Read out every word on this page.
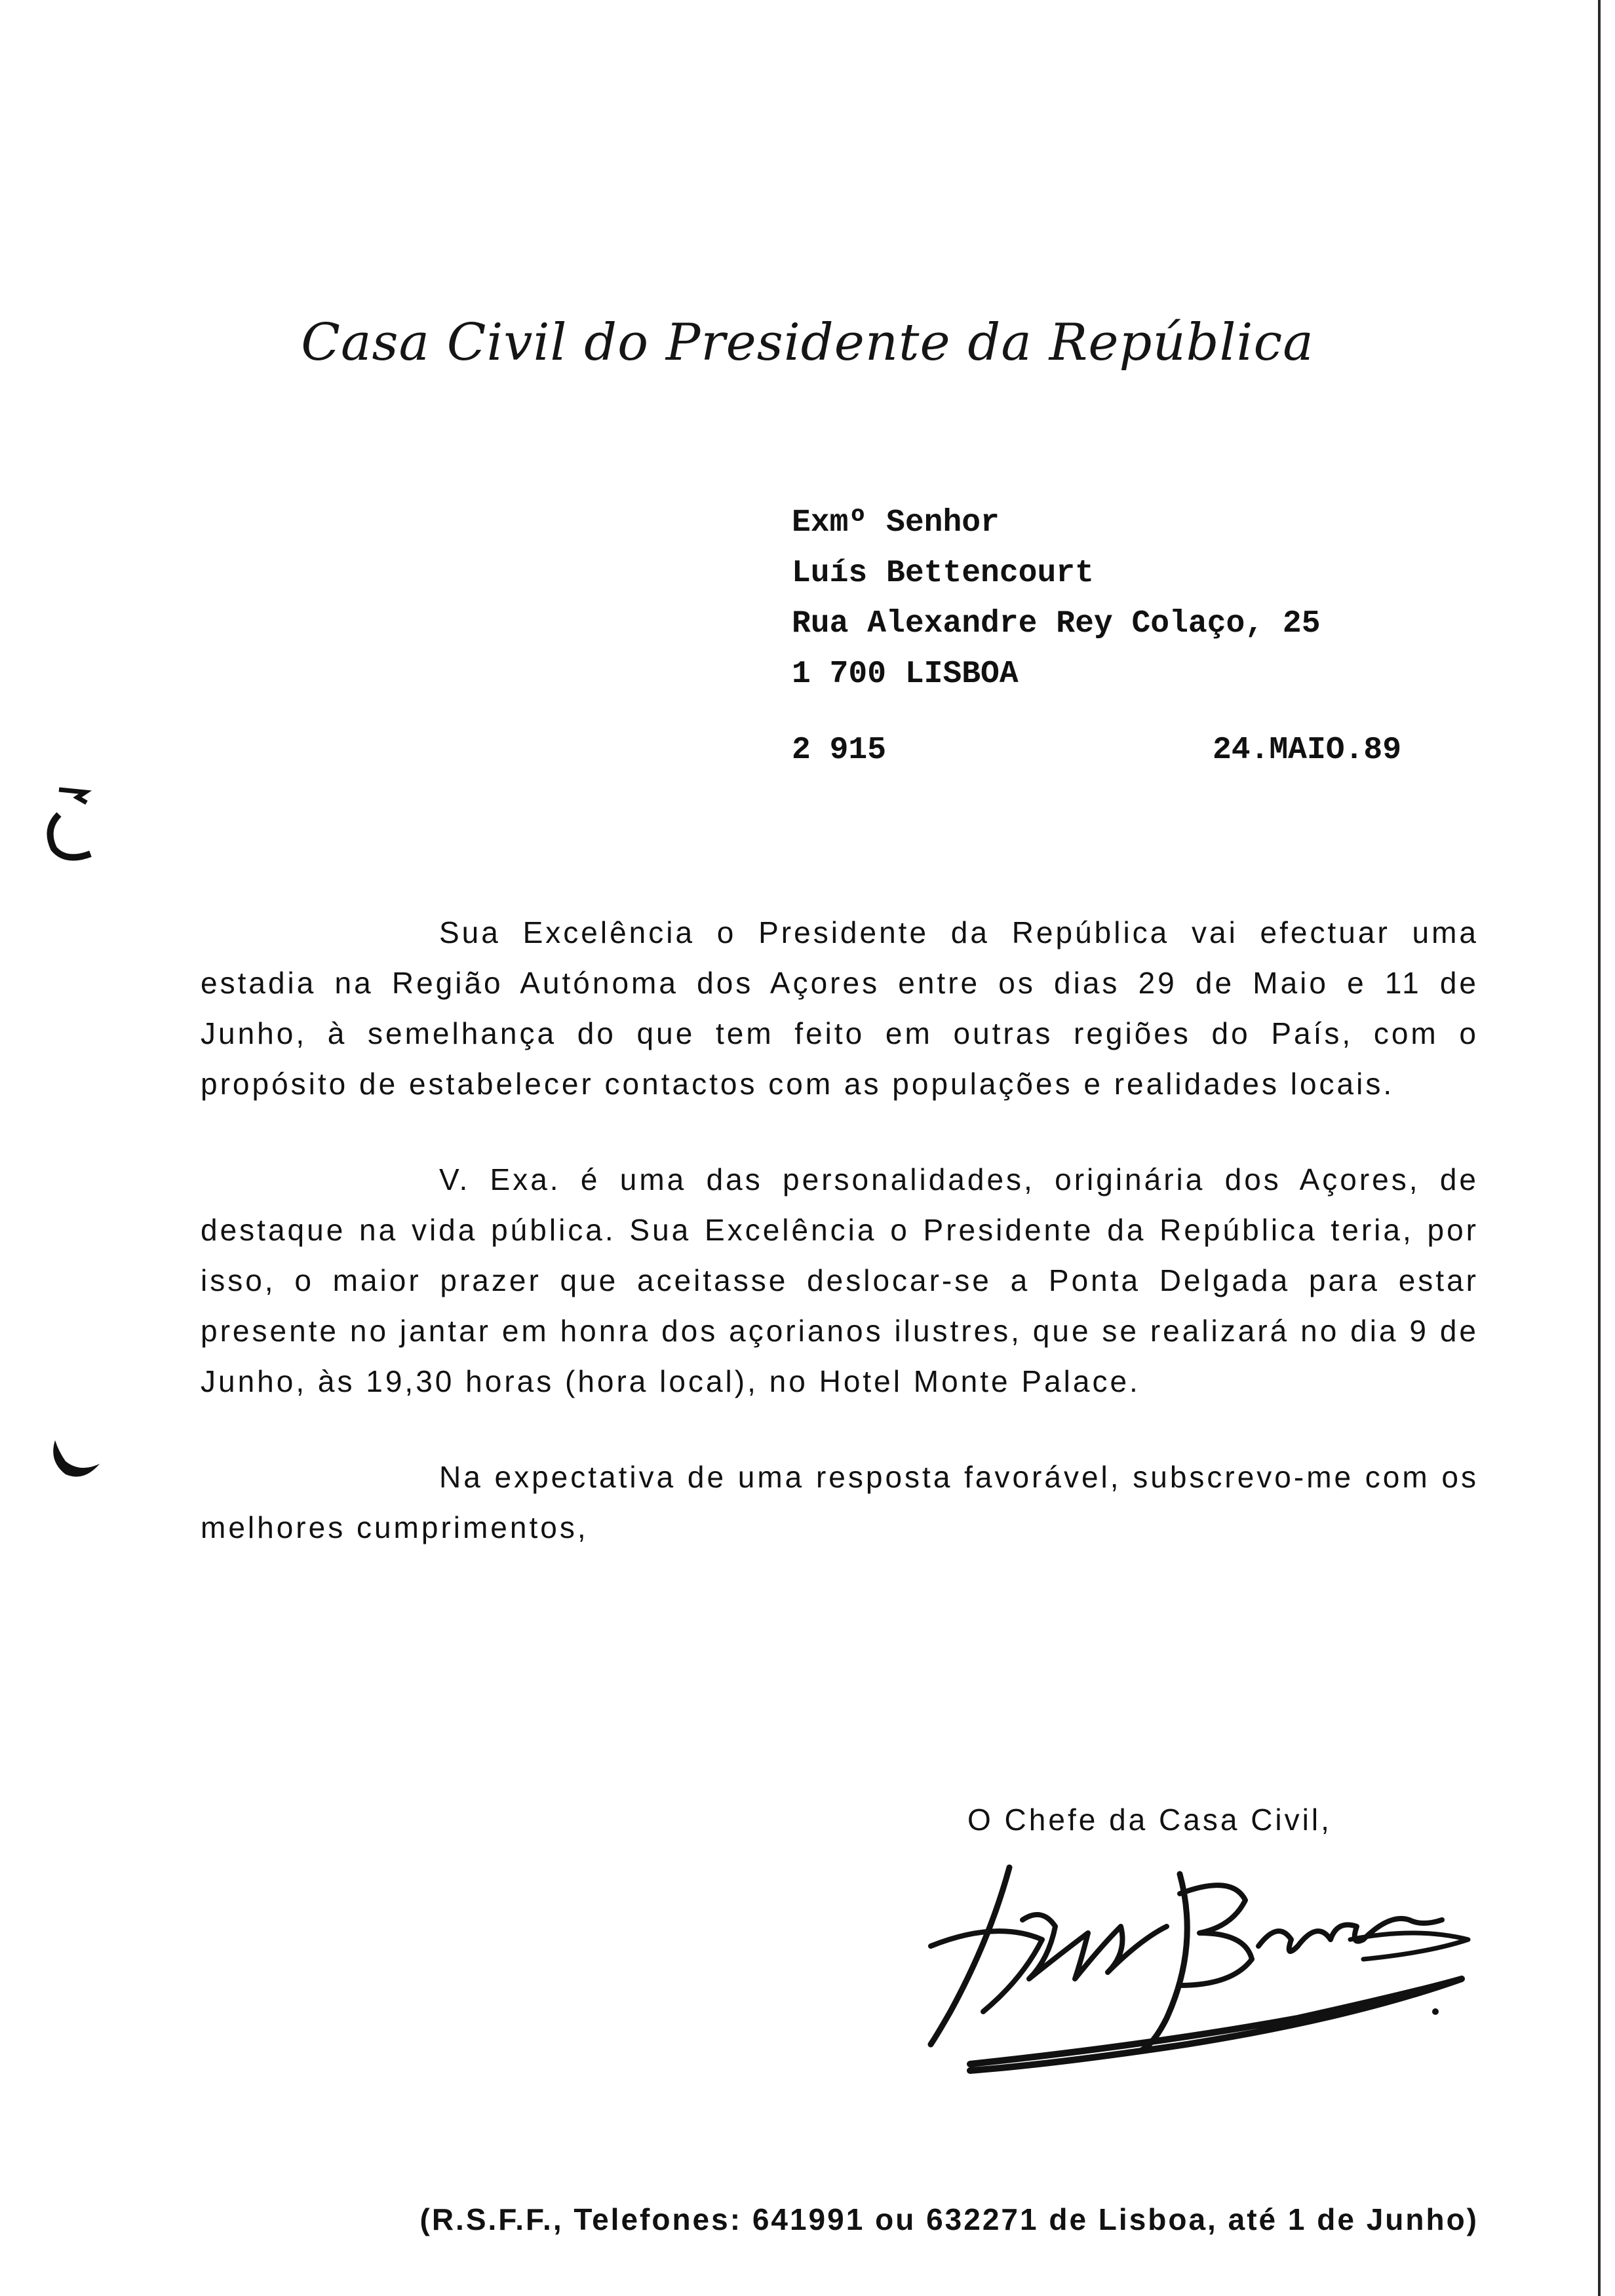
Casa Civil do Presidente da República
Exmº Senhor
Luís Bettencourt
Rua Alexandre Rey Colaço, 25
1 700 LISBOA
2 915	24.MAIO.89

Sua Excelência o Presidente da República vai efectuar uma estadia na Região Autónoma dos Açores entre os dias 29 de Maio e 11 de Junho, à semelhança do que tem feito em outras regiões do País, com o propósito de estabelecer contactos com as populações e realidades locais.

V. Exa. é uma das personalidades, originária dos Açores, de destaque na vida pública. Sua Excelência o Presidente da República teria, por isso, o maior prazer que aceitasse deslocar-se a Ponta Delgada para estar presente no jantar em honra dos açorianos ilustres, que se realizará no dia 9 de Junho, às 19,30 horas (hora local), no Hotel Monte Palace.

Na expectativa de uma resposta favorável, subscrevo-me com os melhores cumprimentos,

O Chefe da Casa Civil,
(R.S.F.F., Telefones: 641991 ou 632271 de Lisboa, até 1 de Junho)
